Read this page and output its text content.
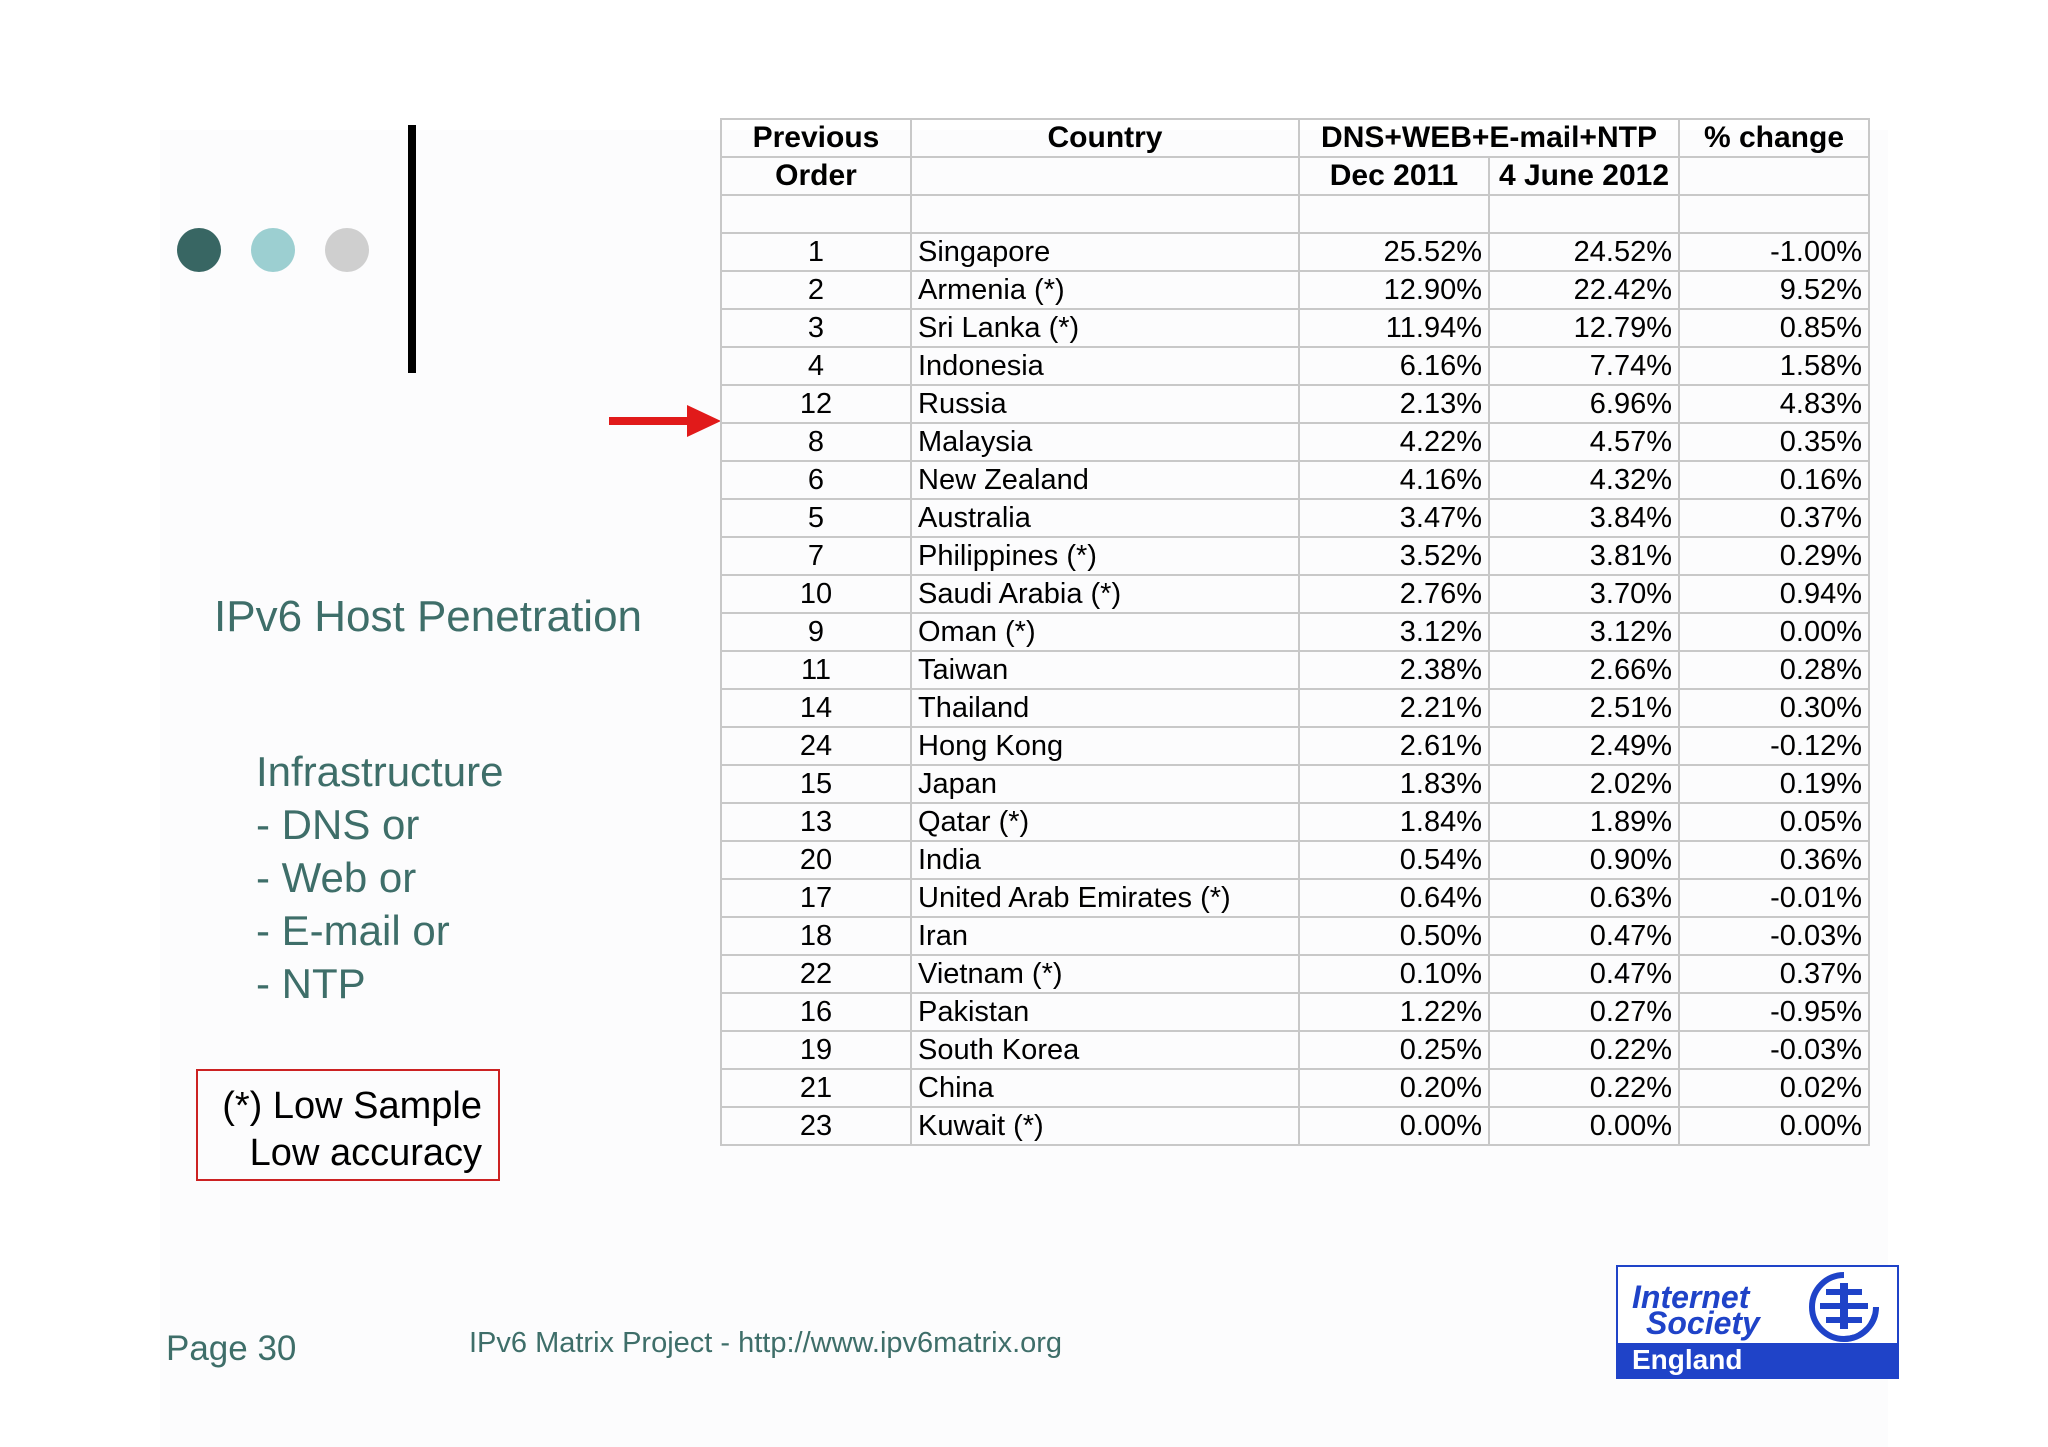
IPv6 Host Penetration
Infrastructure
- DNS or
- Web or
- E-mail or
- NTP
(*) Low Sample
Low accuracy
Previous	Country	DNS+WEB+E-mail+NTP		% change
Order		Dec 2011	4 June 2012	

1	Singapore	25.52%	24.52%	-1.00%
2	Armenia (*)	12.90%	22.42%	9.52%
3	Sri Lanka (*)	11.94%	12.79%	0.85%
4	Indonesia	6.16%	7.74%	1.58%
12	Russia	2.13%	6.96%	4.83%
8	Malaysia	4.22%	4.57%	0.35%
6	New Zealand	4.16%	4.32%	0.16%
5	Australia	3.47%	3.84%	0.37%
7	Philippines (*)	3.52%	3.81%	0.29%
10	Saudi Arabia (*)	2.76%	3.70%	0.94%
9	Oman (*)	3.12%	3.12%	0.00%
11	Taiwan	2.38%	2.66%	0.28%
14	Thailand	2.21%	2.51%	0.30%
24	Hong Kong	2.61%	2.49%	-0.12%
15	Japan	1.83%	2.02%	0.19%
13	Qatar (*)	1.84%	1.89%	0.05%
20	India	0.54%	0.90%	0.36%
17	United Arab Emirates (*)	0.64%	0.63%	-0.01%
18	Iran	0.50%	0.47%	-0.03%
22	Vietnam (*)	0.10%	0.47%	0.37%
16	Pakistan	1.22%	0.27%	-0.95%
19	South Korea	0.25%	0.22%	-0.03%
21	China	0.20%	0.22%	0.02%
23	Kuwait (*)	0.00%	0.00%	0.00%
Page 30	IPv6 Matrix Project - http://www.ipv6matrix.org
Internet
Society
England
